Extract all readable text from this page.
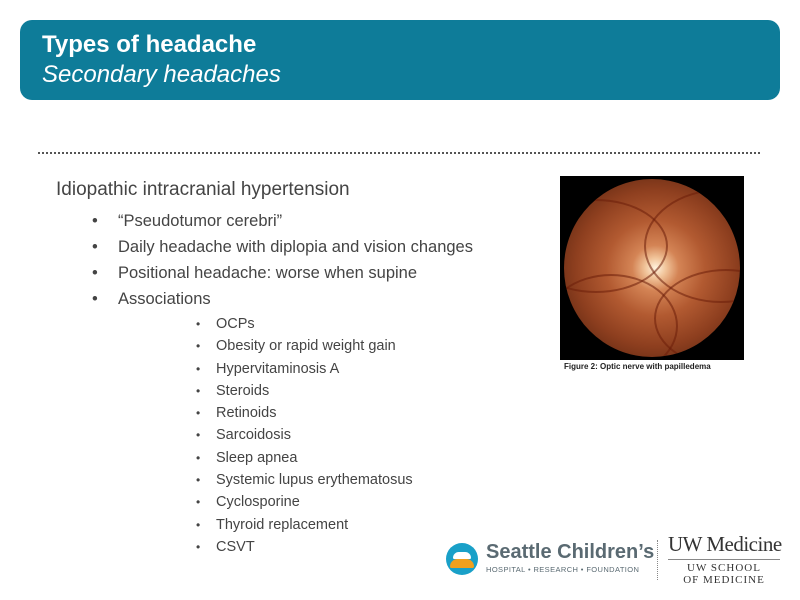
Types of headache
Secondary headaches
Idiopathic intracranial hypertension
• “Pseudotumor cerebri”
• Daily headache with diplopia and vision changes
• Positional headache: worse when supine
• Associations
• OCPs
• Obesity or rapid weight gain
• Hypervitaminosis A
• Steroids
• Retinoids
• Sarcoidosis
• Sleep apnea
• Systemic lupus erythematosus
• Cyclosporine
• Thyroid replacement
• CSVT
Figure 2: Optic nerve with papilledema
Seattle Children’s
HOSPITAL • RESEARCH • FOUNDATION
UW Medicine
UW SCHOOL
OF MEDICINE
